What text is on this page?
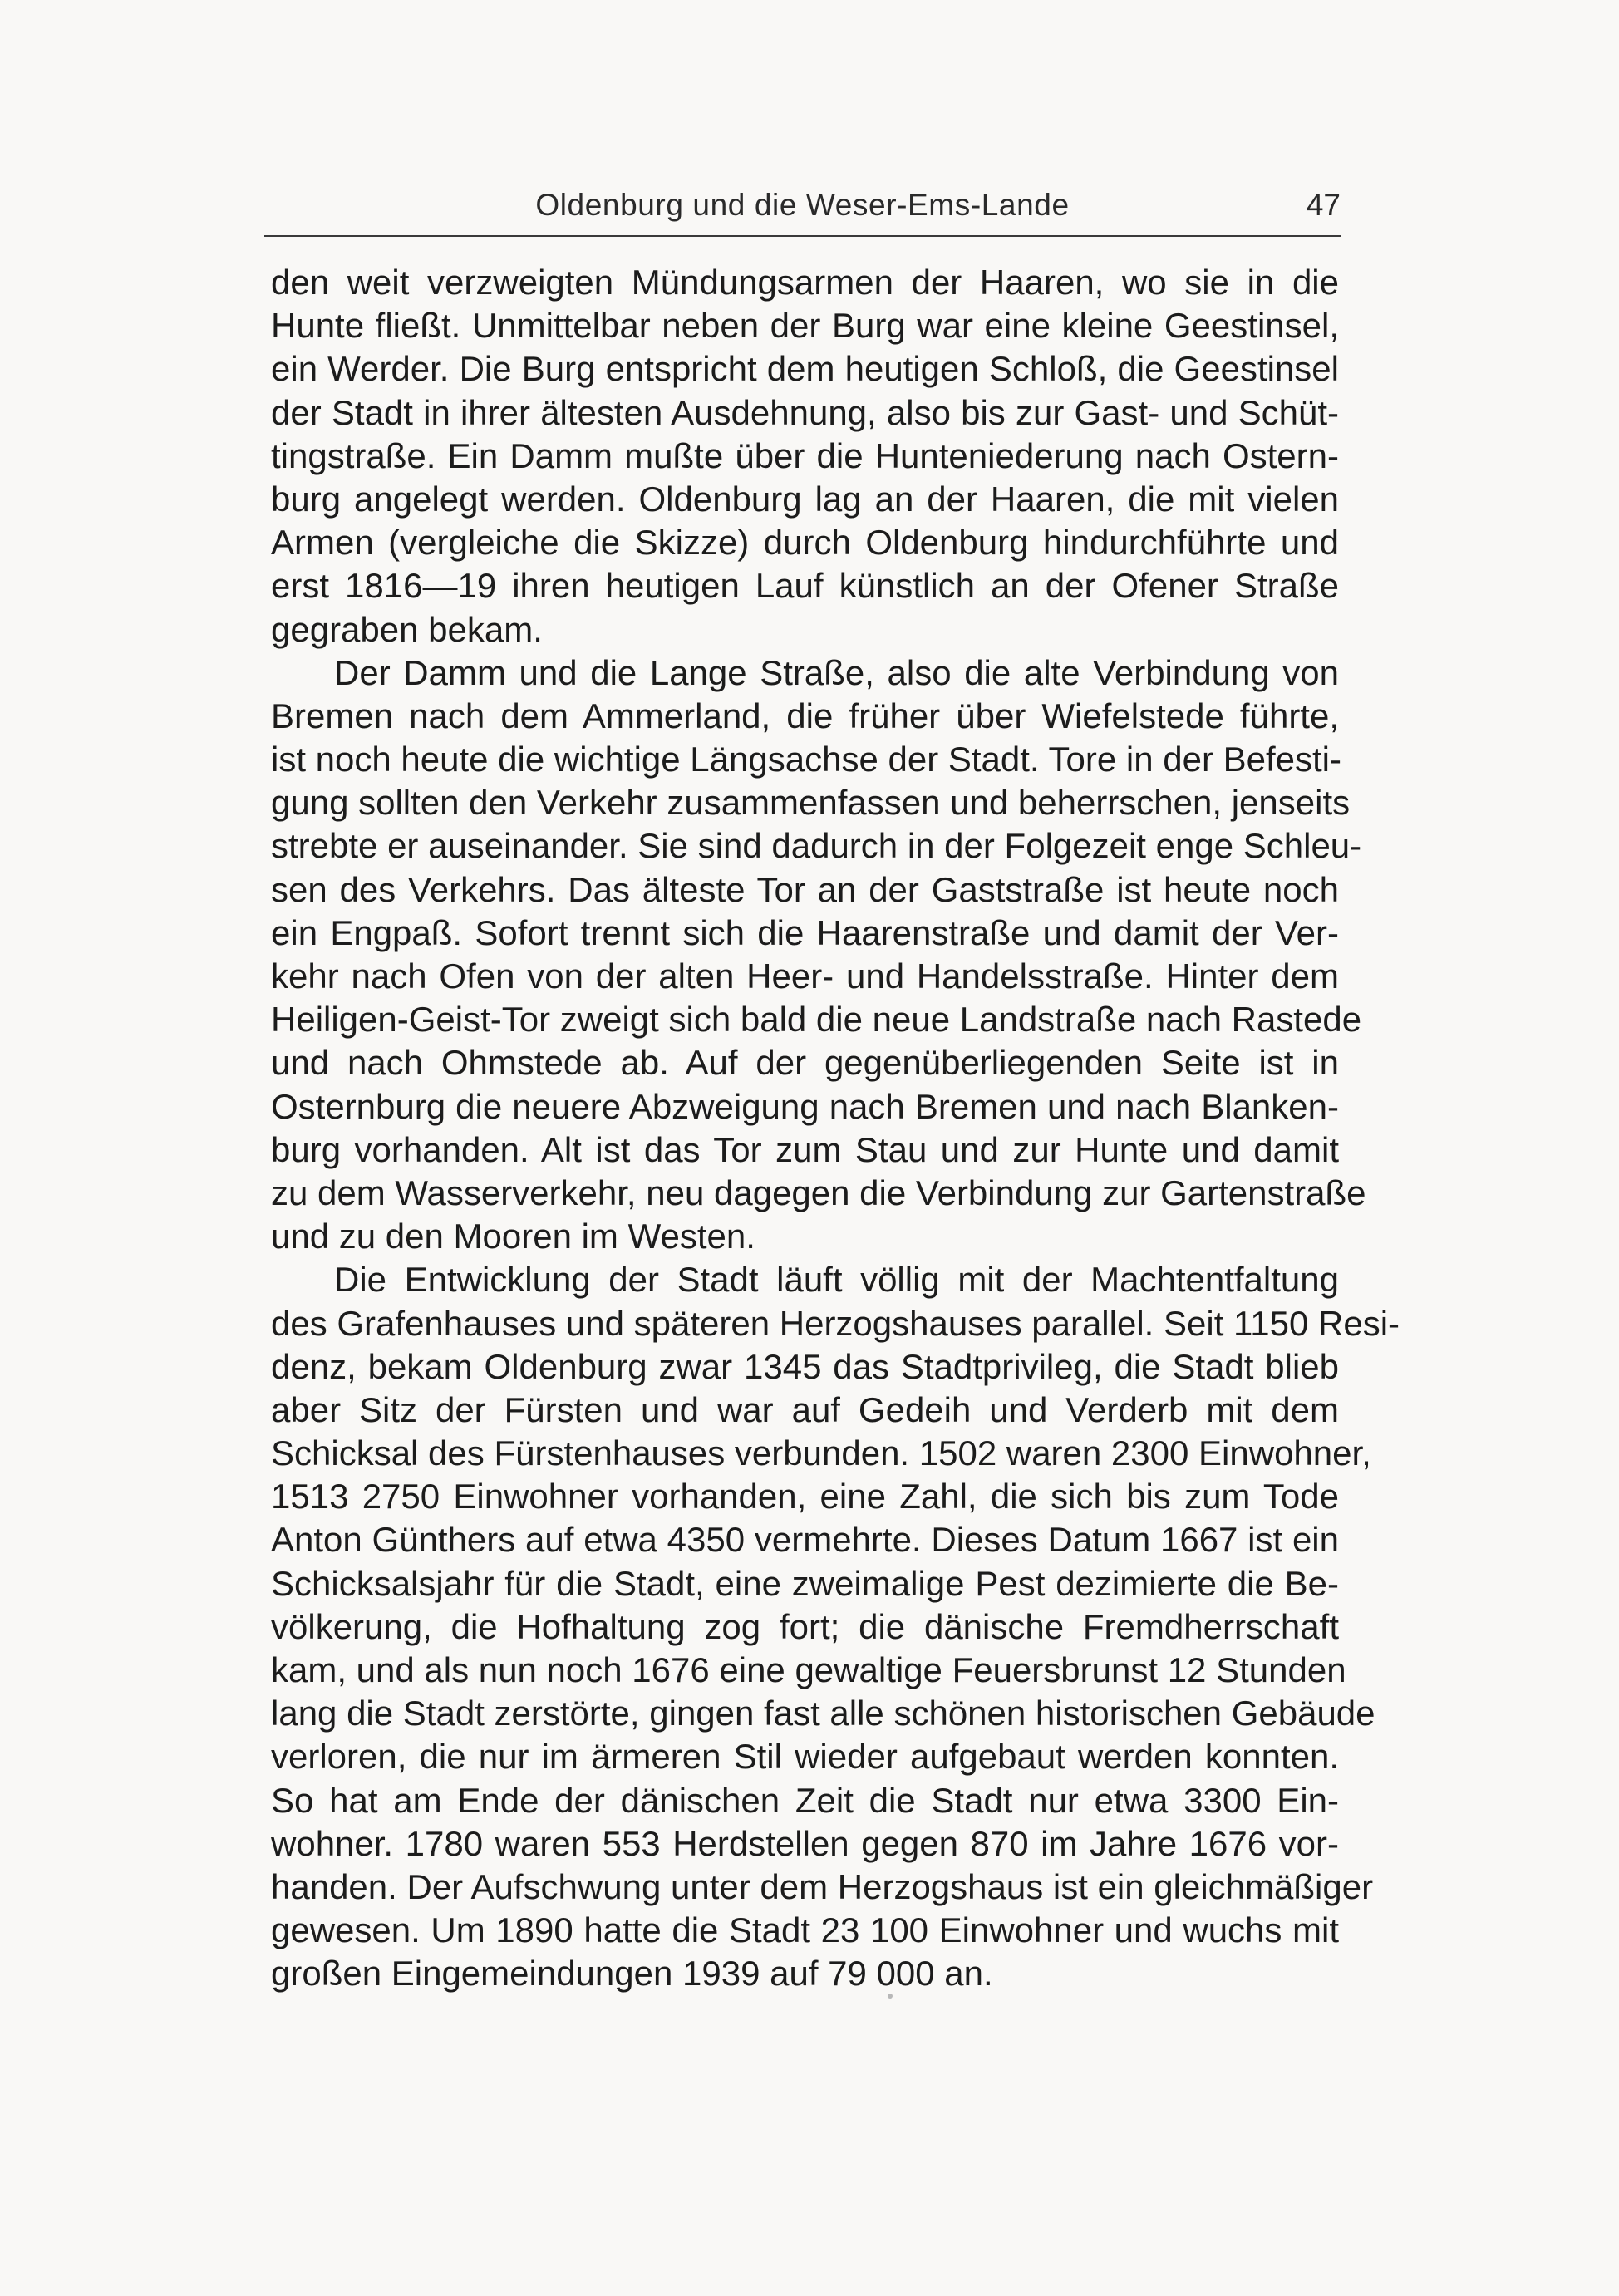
Oldenburg und die Weser-Ems-Lande	47
den weit verzweigten Mündungsarmen der Haaren, wo sie in die
Hunte fließt. Unmittelbar neben der Burg war eine kleine Geestinsel,
ein Werder. Die Burg entspricht dem heutigen Schloß, die Geestinsel
der Stadt in ihrer ältesten Ausdehnung, also bis zur Gast- und Schüt-
tingstraße. Ein Damm mußte über die Hunteniederung nach Ostern-
burg angelegt werden. Oldenburg lag an der Haaren, die mit vielen
Armen (vergleiche die Skizze) durch Oldenburg hindurchführte und
erst 1816—19 ihren heutigen Lauf künstlich an der Ofener Straße
gegraben bekam.
Der Damm und die Lange Straße, also die alte Verbindung von
Bremen nach dem Ammerland, die früher über Wiefelstede führte,
ist noch heute die wichtige Längsachse der Stadt. Tore in der Befesti-
gung sollten den Verkehr zusammenfassen und beherrschen, jenseits
strebte er auseinander. Sie sind dadurch in der Folgezeit enge Schleu-
sen des Verkehrs. Das älteste Tor an der Gaststraße ist heute noch
ein Engpaß. Sofort trennt sich die Haarenstraße und damit der Ver-
kehr nach Ofen von der alten Heer- und Handelsstraße. Hinter dem
Heiligen-Geist-Tor zweigt sich bald die neue Landstraße nach Rastede
und nach Ohmstede ab. Auf der gegenüberliegenden Seite ist in
Osternburg die neuere Abzweigung nach Bremen und nach Blanken-
burg vorhanden. Alt ist das Tor zum Stau und zur Hunte und damit
zu dem Wasserverkehr, neu dagegen die Verbindung zur Gartenstraße
und zu den Mooren im Westen.
Die Entwicklung der Stadt läuft völlig mit der Machtentfaltung
des Grafenhauses und späteren Herzogshauses parallel. Seit 1150 Resi-
denz, bekam Oldenburg zwar 1345 das Stadtprivileg, die Stadt blieb
aber Sitz der Fürsten und war auf Gedeih und Verderb mit dem
Schicksal des Fürstenhauses verbunden. 1502 waren 2300 Einwohner,
1513 2750 Einwohner vorhanden, eine Zahl, die sich bis zum Tode
Anton Günthers auf etwa 4350 vermehrte. Dieses Datum 1667 ist ein
Schicksalsjahr für die Stadt, eine zweimalige Pest dezimierte die Be-
völkerung, die Hofhaltung zog fort; die dänische Fremdherrschaft
kam, und als nun noch 1676 eine gewaltige Feuersbrunst 12 Stunden
lang die Stadt zerstörte, gingen fast alle schönen historischen Gebäude
verloren, die nur im ärmeren Stil wieder aufgebaut werden konnten.
So hat am Ende der dänischen Zeit die Stadt nur etwa 3300 Ein-
wohner. 1780 waren 553 Herdstellen gegen 870 im Jahre 1676 vor-
handen. Der Aufschwung unter dem Herzogshaus ist ein gleichmäßiger
gewesen. Um 1890 hatte die Stadt 23 100 Einwohner und wuchs mit
großen Eingemeindungen 1939 auf 79 000 an.
